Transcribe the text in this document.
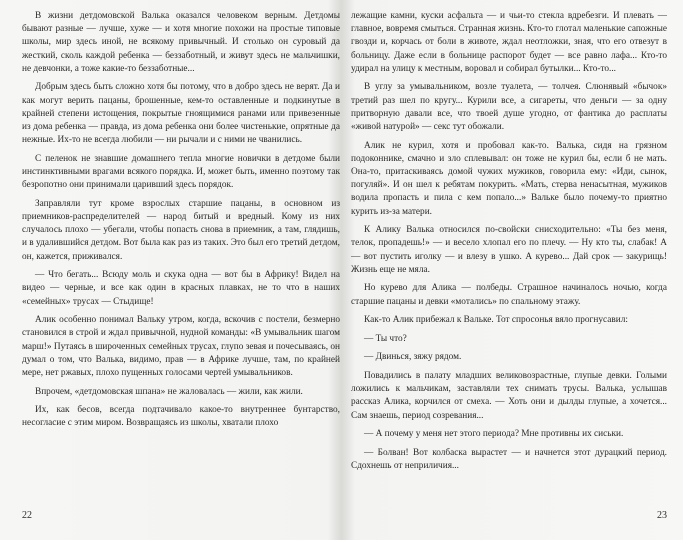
В жизни детдомовской Валька оказался человеком верным. Детдомы бывают разные — лучше, хуже — и хотя многие похожи на простые типовые школы, мир здесь иной, не всякому привычный. И столько он суровый да жесткий, сколь каждой ребенка — беззаботный, и живут здесь не мальчишки, не девчонки, а тоже какие-то беззаботные...

Добрым здесь быть сложно хотя бы потому, что в добро здесь не верят. Да и как могут верить пацаны, брошенные, кем-то оставленные и подкинутые в крайней степени истощения, покрытые гноящимися ранами или привезенные из дома ребенка — правда, из дома ребенка они более чистенькие, опрятные да нежные. Их-то не всегда любили — ни рычали и с ними не чванились.

С пеленок не знавшие домашнего тепла многие новички в детдоме были инстинктивными врагами всякого порядка. И, может быть, именно поэтому так безропотно они принимали царивший здесь порядок.

Заправляли тут кроме взрослых старшие пацаны, в основном из приемников-распределителей — народ битый и вредный. Кому из них случалось плохо — убегали, чтобы попасть снова в приемник, а там, глядишь, и в удалившийся детдом. Вот была как раз из таких. Это был его третий детдом, он, кажется, приживался.

— Что бегать... Всюду моль и скука одна — вот бы в Африку! Видел на видео — черные, и все как один в красных плавках, не то что в наших «семейных» трусах — Стыдище!

Алик особенно понимал Вальку утром, когда, вскочив с постели, безмерно становился в строй и ждал привычной, нудной команды: «В умывальник шагом марш!» Путаясь в широченных семейных трусах, глупо зевая и почесываясь, он думал о том, что Валька, видимо, прав — в Африке лучше, там, по крайней мере, нет ржавых, плохо пущенных голосами чертей умывальников.

Впрочем, «детдомовская шпана» не жаловалась — жили, как жили.

Их, как бесов, всегда подтачивало какое-то внутреннее бунтарство, несогласие с этим миром. Возвращаясь из школы, хватали плохо

22

лежащие камни, куски асфальта — и чьи-то стекла вдребезги. И плевать — главное, вовремя смыться. Странная жизнь. Кто-то глотал маленькие сапожные гвозди и, корчась от боли в животе, ждал неотложки, зная, что его отвезут в больницу. Даже если в больнице распорот будет — все равно лафа... Кто-то удирал на улицу к местным, воровал и собирал бутылки... Кто-то...

В углу за умывальником, возле туалета, — толчея. Слюнявый «бычок» третий раз шел по кругу... Курили все, а сигареты, что деньги — за одну притворную давали все, что твоей душе угодно, от фантика до расплаты «живой натурой» — секс тут обожали.

Алик не курил, хотя и пробовал как-то. Валька, сидя на грязном подоконнике, смачно и зло сплевывал: он тоже не курил бы, если б не мать. Она-то, притаскиваясь домой чужих мужиков, говорила ему: «Иди, сынок, погуляй». И он шел к ребятам покурить. «Мать, стерва ненасытная, мужиков водила пропасть и пила с кем попало...» Вальке было почему-то приятно курить из-за матери.

К Алику Валька относился по-свойски снисходительно: «Ты без меня, телок, пропадешь!» — и весело хлопал его по плечу. — Ну кто ты, слабак! А — вот пустить иголку — и влезу в ушко. А курево... Дай срок — закурищь! Жизнь еще не мяла.

Но курево для Алика — полбеды. Страшное начиналось ночью, когда старшие пацаны и девки «мотались» по спальному этажу.

Как-то Алик прибежал к Вальке. Тот спросонья вяло прогнусавил:

— Ты что?

— Двинься, зяжу рядом.

Повадились в палату младших великовозрастные, глупые девки. Голыми ложились к мальчикам, заставляли тех снимать трусы. Валька, услышав рассказ Алика, корчился от смеха. — Хоть они и дылды глупые, а хочется... Сам знаешь, период созревания...

— А почему у меня нет этого периода? Мне противны их сиськи.

— Болван! Вот колбаска вырастет — и начнется этот дурацкий период. Сдохнешь от неприличия...

23
